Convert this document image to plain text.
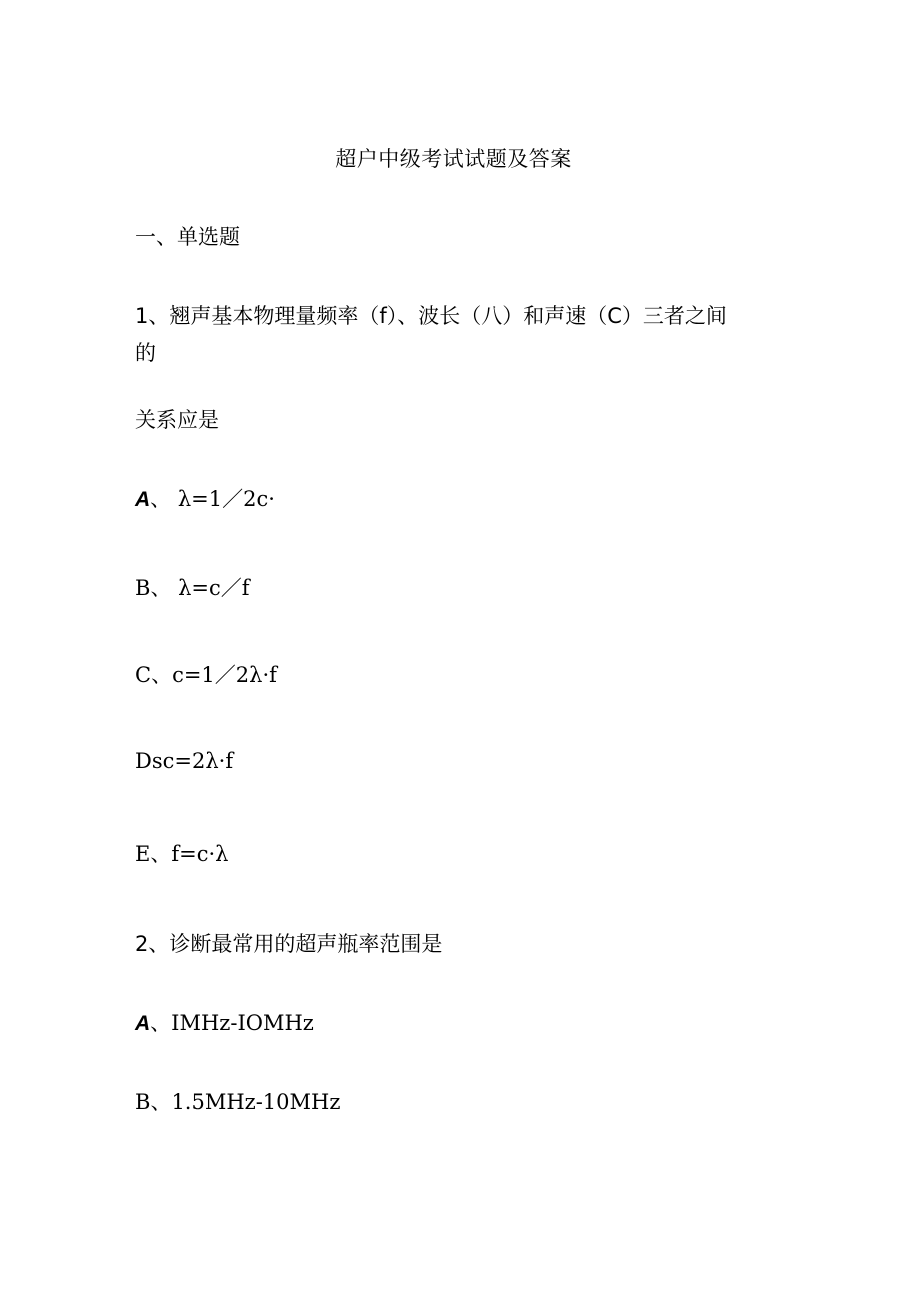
超户中级考试试题及答案
一、单选题
1、翘声基本物理量频率（f）、波长（八）和声速（C）三者之间
的
关系应是
A、 λ=1／2c·
B、 λ=c／f
C、c=1／2λ·f
Dsc=2λ·f
E、f=c·λ
2、诊断最常用的超声瓶率范围是
A、IMHz-IOMHz
B、1.5MHz-10MHz
